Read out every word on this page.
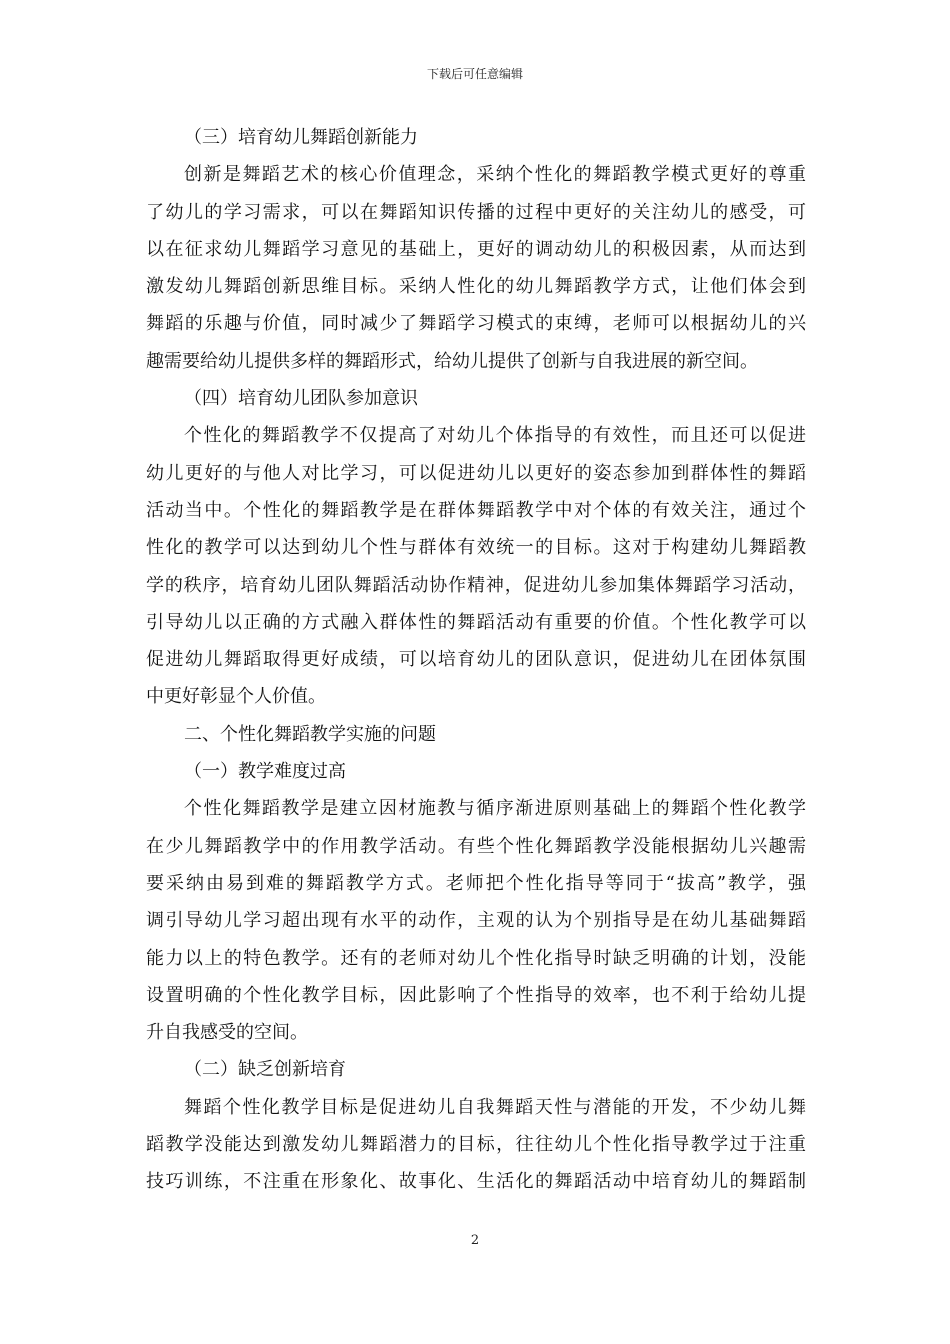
下载后可任意编辑
（三）培育幼儿舞蹈创新能力
创新是舞蹈艺术的核心价值理念，采纳个性化的舞蹈教学模式更好的尊重
了幼儿的学习需求，可以在舞蹈知识传播的过程中更好的关注幼儿的感受，可
以在征求幼儿舞蹈学习意见的基础上，更好的调动幼儿的积极因素，从而达到
激发幼儿舞蹈创新思维目标。采纳人性化的幼儿舞蹈教学方式，让他们体会到
舞蹈的乐趣与价值，同时减少了舞蹈学习模式的束缚，老师可以根据幼儿的兴
趣需要给幼儿提供多样的舞蹈形式，给幼儿提供了创新与自我进展的新空间。
（四）培育幼儿团队参加意识
个性化的舞蹈教学不仅提高了对幼儿个体指导的有效性，而且还可以促进
幼儿更好的与他人对比学习，可以促进幼儿以更好的姿态参加到群体性的舞蹈
活动当中。个性化的舞蹈教学是在群体舞蹈教学中对个体的有效关注，通过个
性化的教学可以达到幼儿个性与群体有效统一的目标。这对于构建幼儿舞蹈教
学的秩序，培育幼儿团队舞蹈活动协作精神，促进幼儿参加集体舞蹈学习活动，
引导幼儿以正确的方式融入群体性的舞蹈活动有重要的价值。个性化教学可以
促进幼儿舞蹈取得更好成绩，可以培育幼儿的团队意识，促进幼儿在团体氛围
中更好彰显个人价值。
二、个性化舞蹈教学实施的问题
（一）教学难度过高
个性化舞蹈教学是建立因材施教与循序渐进原则基础上的舞蹈个性化教学
在少儿舞蹈教学中的作用教学活动。有些个性化舞蹈教学没能根据幼儿兴趣需
要采纳由易到难的舞蹈教学方式。老师把个性化指导等同于“拔高”教学，强
调引导幼儿学习超出现有水平的动作，主观的认为个别指导是在幼儿基础舞蹈
能力以上的特色教学。还有的老师对幼儿个性化指导时缺乏明确的计划，没能
设置明确的个性化教学目标，因此影响了个性指导的效率，也不利于给幼儿提
升自我感受的空间。
（二）缺乏创新培育
舞蹈个性化教学目标是促进幼儿自我舞蹈天性与潜能的开发，不少幼儿舞
蹈教学没能达到激发幼儿舞蹈潜力的目标，往往幼儿个性化指导教学过于注重
技巧训练，不注重在形象化、故事化、生活化的舞蹈活动中培育幼儿的舞蹈制
2
